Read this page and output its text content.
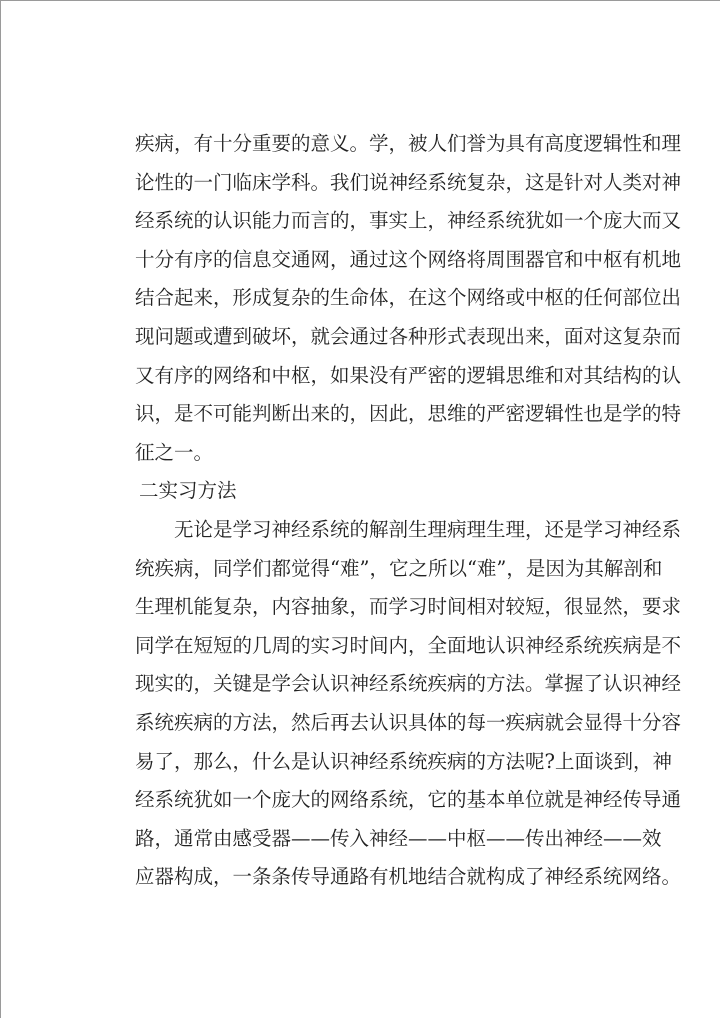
疾病，有十分重要的意义。学，被人们誉为具有高度逻辑性和理
论性的一门临床学科。我们说神经系统复杂，这是针对人类对神
经系统的认识能力而言的，事实上，神经系统犹如一个庞大而又
十分有序的信息交通网，通过这个网络将周围器官和中枢有机地
结合起来，形成复杂的生命体，在这个网络或中枢的任何部位出
现问题或遭到破坏，就会通过各种形式表现出来，面对这复杂而
又有序的网络和中枢，如果没有严密的逻辑思维和对其结构的认
识，是不可能判断出来的，因此，思维的严密逻辑性也是学的特
征之一。
二实习方法
　　无论是学习神经系统的解剖生理病理生理，还是学习神经系
统疾病，同学们都觉得“难”，它之所以“难”，是因为其解剖和
生理机能复杂，内容抽象，而学习时间相对较短，很显然，要求
同学在短短的几周的实习时间内，全面地认识神经系统疾病是不
现实的，关键是学会认识神经系统疾病的方法。掌握了认识神经
系统疾病的方法，然后再去认识具体的每一疾病就会显得十分容
易了，那么，什么是认识神经系统疾病的方法呢?上面谈到，神
经系统犹如一个庞大的网络系统，它的基本单位就是神经传导通
路，通常由感受器——传入神经——中枢——传出神经——效
应器构成，一条条传导通路有机地结合就构成了神经系统网络。
